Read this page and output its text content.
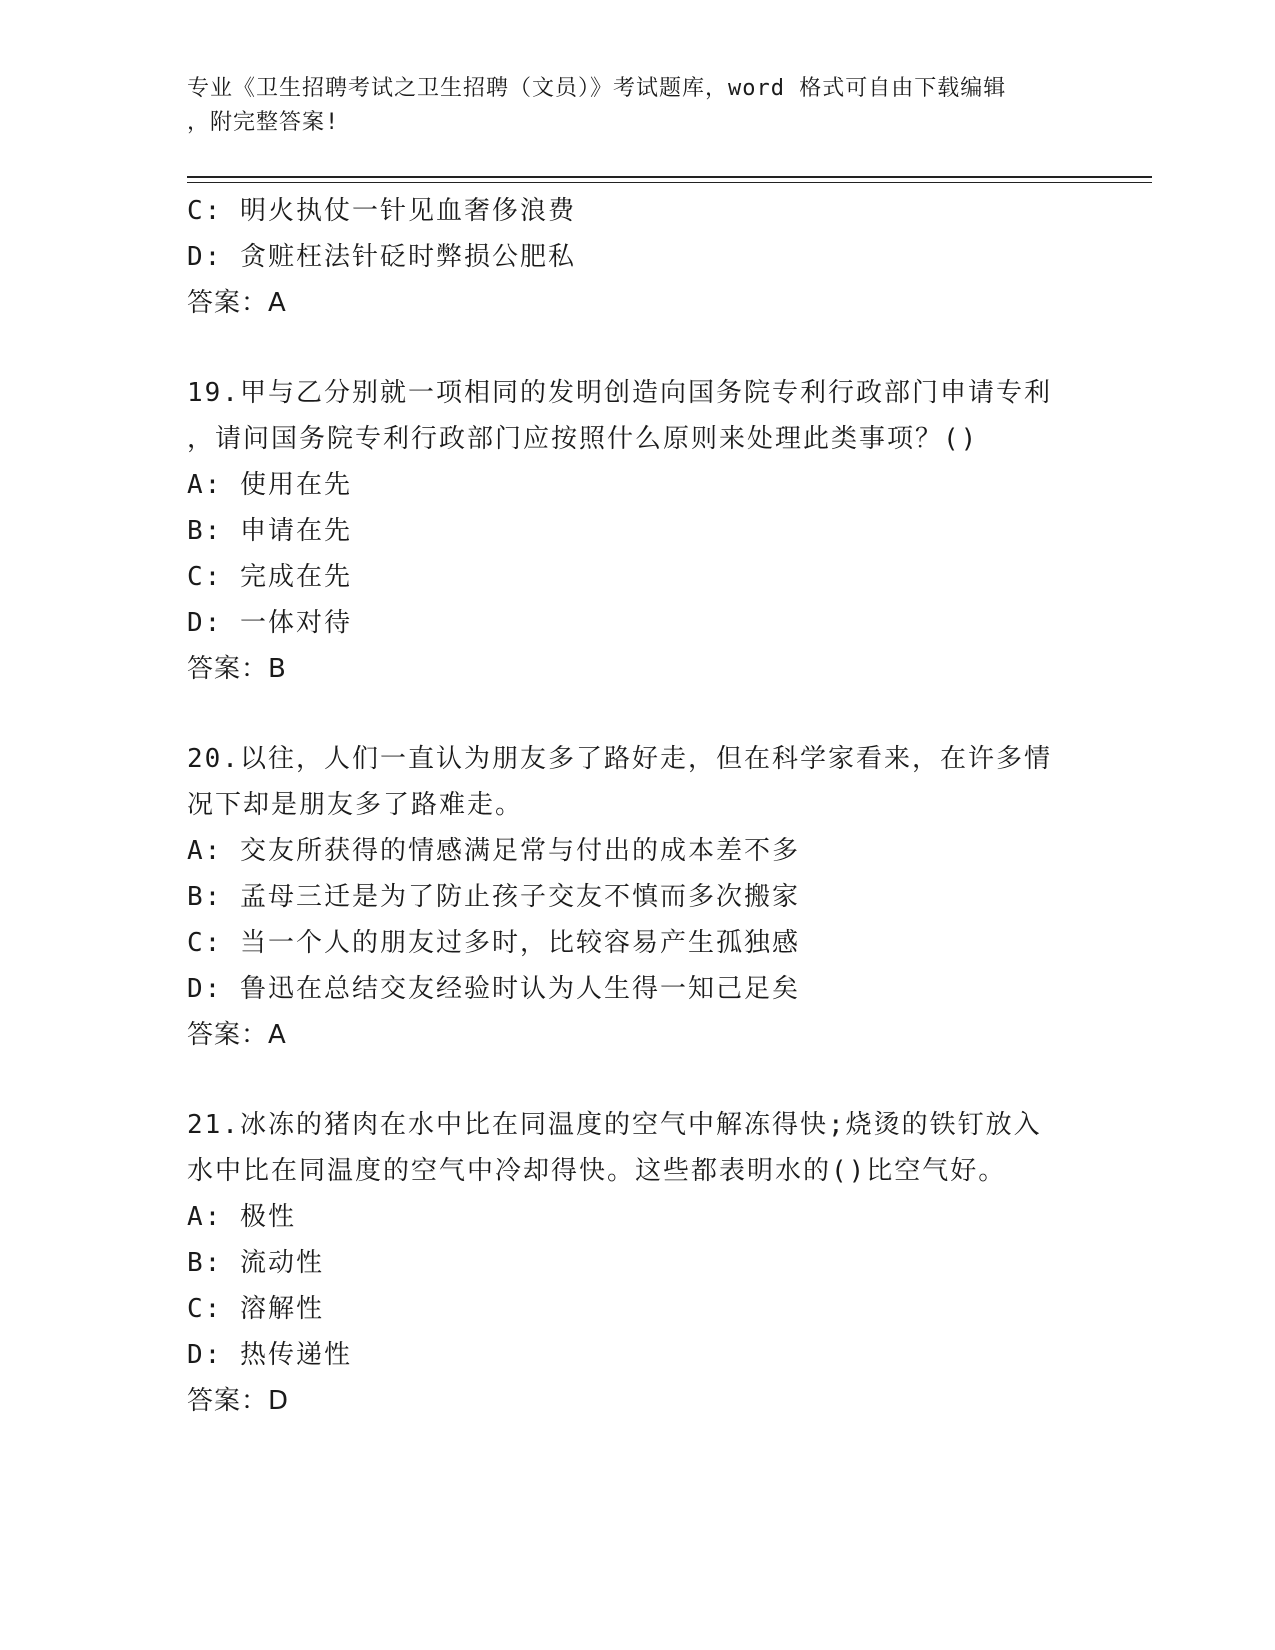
专业《卫生招聘考试之卫生招聘（文员）》考试题库，word 格式可自由下载编辑
，附完整答案!
C: 明火执仗一针见血奢侈浪费
D: 贪赃枉法针砭时弊损公肥私
答案：A
19.甲与乙分别就一项相同的发明创造向国务院专利行政部门申请专利
，请问国务院专利行政部门应按照什么原则来处理此类事项？()
A: 使用在先
B: 申请在先
C: 完成在先
D: 一体对待
答案：B
20.以往，人们一直认为朋友多了路好走，但在科学家看来，在许多情
况下却是朋友多了路难走。
A: 交友所获得的情感满足常与付出的成本差不多
B: 孟母三迁是为了防止孩子交友不慎而多次搬家
C: 当一个人的朋友过多时，比较容易产生孤独感
D: 鲁迅在总结交友经验时认为人生得一知己足矣
答案：A
21.冰冻的猪肉在水中比在同温度的空气中解冻得快;烧烫的铁钉放入
水中比在同温度的空气中冷却得快。这些都表明水的()比空气好。
A: 极性
B: 流动性
C: 溶解性
D: 热传递性
答案：D
